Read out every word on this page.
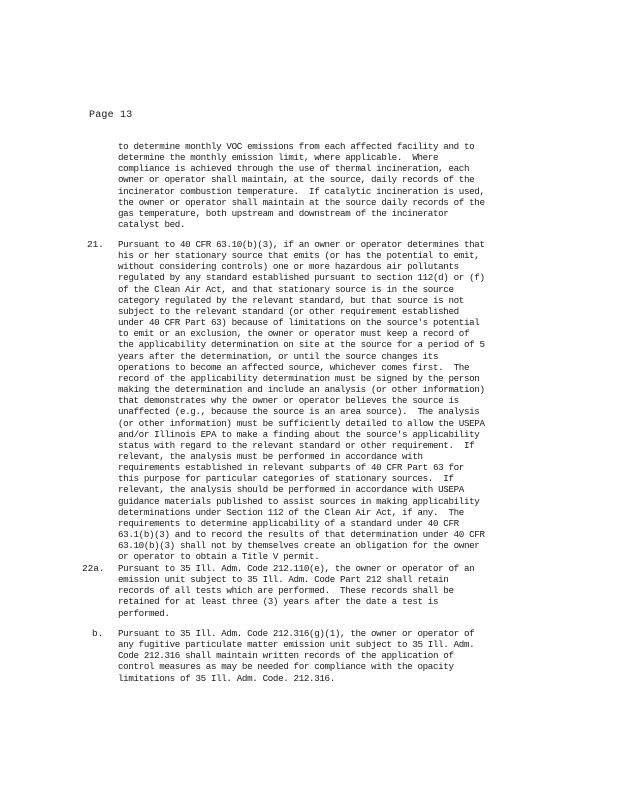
Page 13

to determine monthly VOC emissions from each affected facility and to
determine the monthly emission limit, where applicable.  Where
compliance is achieved through the use of thermal incineration, each
owner or operator shall maintain, at the source, daily records of the
incinerator combustion temperature.  If catalytic incineration is used,
the owner or operator shall maintain at the source daily records of the
gas temperature, both upstream and downstream of the incinerator
catalyst bed.

21. Pursuant to 40 CFR 63.10(b)(3), if an owner or operator determines that
his or her stationary source that emits (or has the potential to emit,
without considering controls) one or more hazardous air pollutants
regulated by any standard established pursuant to section 112(d) or (f)
of the Clean Air Act, and that stationary source is in the source
category regulated by the relevant standard, but that source is not
subject to the relevant standard (or other requirement established
under 40 CFR Part 63) because of limitations on the source's potential
to emit or an exclusion, the owner or operator must keep a record of
the applicability determination on site at the source for a period of 5
years after the determination, or until the source changes its
operations to become an affected source, whichever comes first.  The
record of the applicability determination must be signed by the person
making the determination and include an analysis (or other information)
that demonstrates why the owner or operator believes the source is
unaffected (e.g., because the source is an area source).  The analysis
(or other information) must be sufficiently detailed to allow the USEPA
and/or Illinois EPA to make a finding about the source's applicability
status with regard to the relevant standard or other requirement.  If
relevant, the analysis must be performed in accordance with
requirements established in relevant subparts of 40 CFR Part 63 for
this purpose for particular categories of stationary sources.  If
relevant, the analysis should be performed in accordance with USEPA
guidance materials published to assist sources in making applicability
determinations under Section 112 of the Clean Air Act, if any.  The
requirements to determine applicability of a standard under 40 CFR
63.1(b)(3) and to record the results of that determination under 40 CFR
63.10(b)(3) shall not by themselves create an obligation for the owner
or operator to obtain a Title V permit.

22a. Pursuant to 35 Ill. Adm. Code 212.110(e), the owner or operator of an
emission unit subject to 35 Ill. Adm. Code Part 212 shall retain
records of all tests which are performed.  These records shall be
retained for at least three (3) years after the date a test is
performed.

b. Pursuant to 35 Ill. Adm. Code 212.316(g)(1), the owner or operator of
any fugitive particulate matter emission unit subject to 35 Ill. Adm.
Code 212.316 shall maintain written records of the application of
control measures as may be needed for compliance with the opacity
limitations of 35 Ill. Adm. Code. 212.316.
